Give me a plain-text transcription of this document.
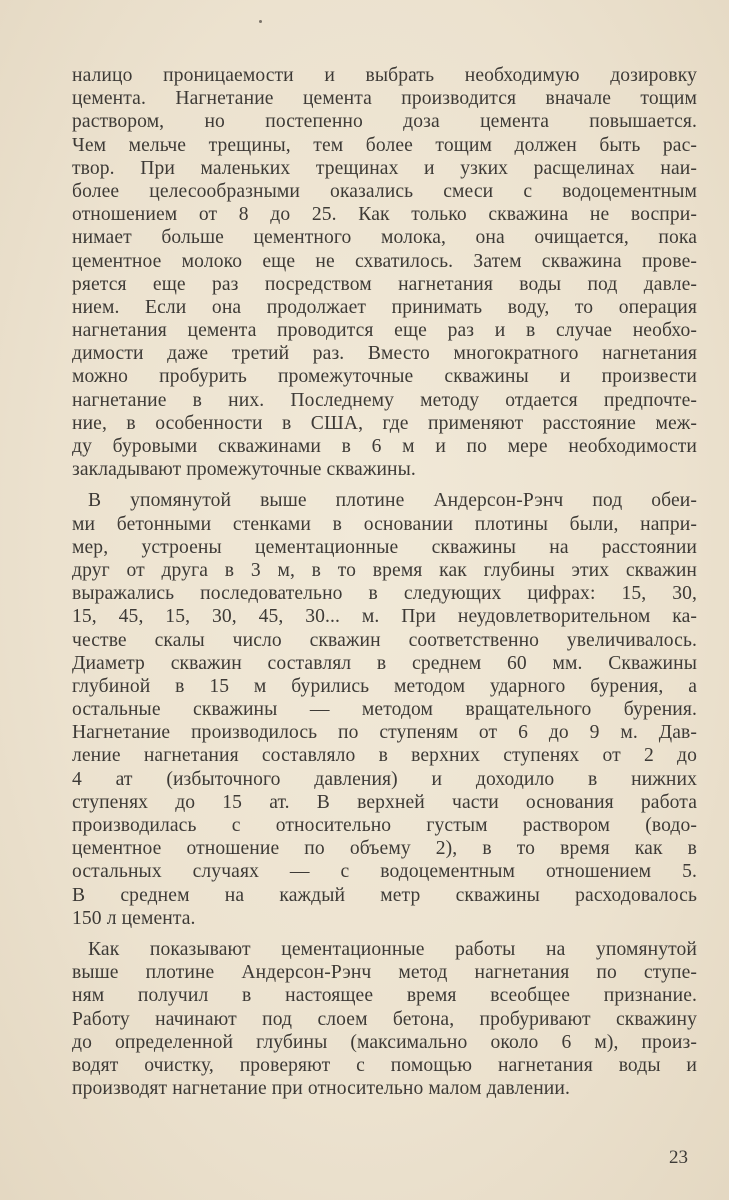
налицо проницаемости и выбрать необходимую дозировку
цемента. Нагнетание цемента производится вначале тощим
раствором, но постепенно доза цемента повышается.
Чем мельче трещины, тем более тощим должен быть рас-
твор. При маленьких трещинах и узких расщелинах наи-
более целесообразными оказались смеси с водоцементным
отношением от 8 до 25. Как только скважина не воспри-
нимает больше цементного молока, она очищается, пока
цементное молоко еще не схватилось. Затем скважина прове-
ряется еще раз посредством нагнетания воды под давле-
нием. Если она продолжает принимать воду, то операция
нагнетания цемента проводится еще раз и в случае необхо-
димости даже третий раз. Вместо многократного нагнетания
можно пробурить промежуточные скважины и произвести
нагнетание в них. Последнему методу отдается предпочте-
ние, в особенности в США, где применяют расстояние меж-
ду буровыми скважинами в 6 м и по мере необходимости
закладывают промежуточные скважины.
В упомянутой выше плотине Андерсон-Рэнч под обеи-
ми бетонными стенками в основании плотины были, напри-
мер, устроены цементационные скважины на расстоянии
друг от друга в 3 м, в то время как глубины этих скважин
выражались последовательно в следующих цифрах: 15, 30,
15, 45, 15, 30, 45, 30... м. При неудовлетворительном ка-
честве скалы число скважин соответственно увеличивалось.
Диаметр скважин составлял в среднем 60 мм. Скважины
глубиной в 15 м бурились методом ударного бурения, а
остальные скважины — методом вращательного бурения.
Нагнетание производилось по ступеням от 6 до 9 м. Дав-
ление нагнетания составляло в верхних ступенях от 2 до
4 ат (избыточного давления) и доходило в нижних
ступенях до 15 ат. В верхней части основания работа
производилась с относительно густым раствором (водо-
цементное отношение по объему 2), в то время как в
остальных случаях — с водоцементным отношением 5.
В среднем на каждый метр скважины расходовалось
150 л цемента.
Как показывают цементационные работы на упомянутой
выше плотине Андерсон-Рэнч метод нагнетания по ступе-
ням получил в настоящее время всеобщее признание.
Работу начинают под слоем бетона, пробуривают скважину
до определенной глубины (максимально около 6 м), произ-
водят очистку, проверяют с помощью нагнетания воды и
производят нагнетание при относительно малом давлении.
23
